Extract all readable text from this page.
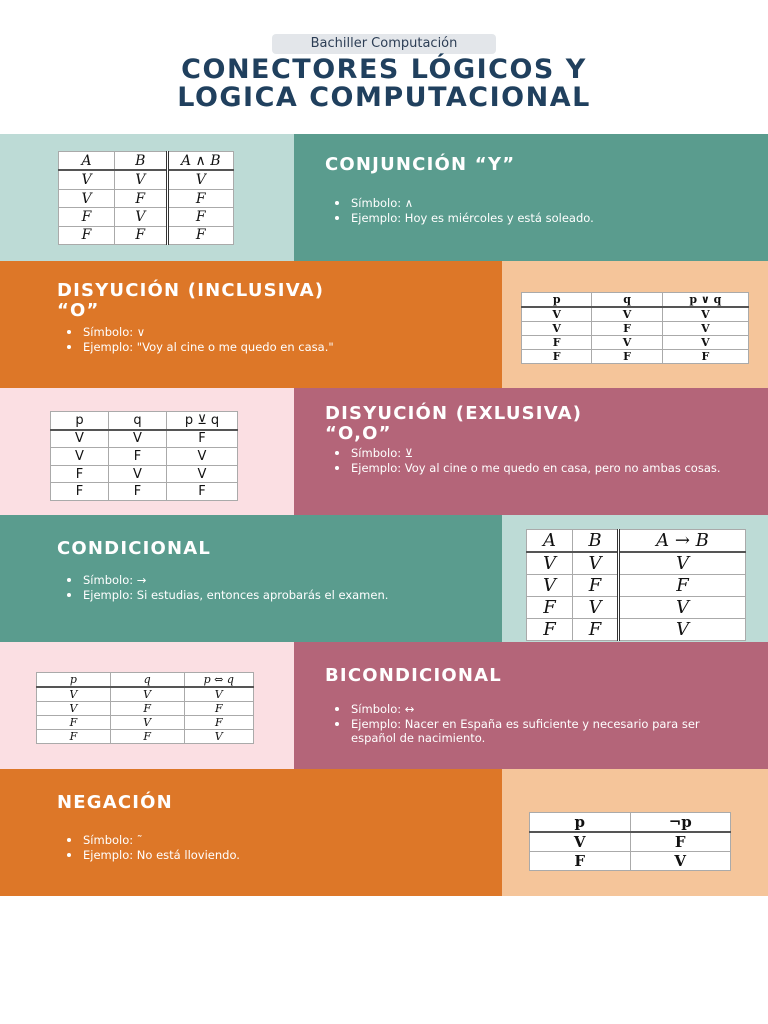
Bachiller Computación
CONECTORES LÓGICOS Y
LOGICA COMPUTACIONAL
A	B	A ∧ B
V	V	V
V	F	F
F	V	F
F	F	F
CONJUNCIÓN “Y”
Símbolo: ∧
Ejemplo: Hoy es miércoles y está soleado.
DISYUCIÓN (INCLUSIVA)
“O”
Símbolo: ∨
Ejemplo: "Voy al cine o me quedo en casa."
p	q	p ∨ q
V	V	V
V	F	V
F	V	V
F	F	F
p	q	p ⊻ q
V	V	F
V	F	V
F	V	V
F	F	F
DISYUCIÓN (EXLUSIVA)
“O,O”
Símbolo: ⊻
Ejemplo: Voy al cine o me quedo en casa, pero no ambas cosas.
CONDICIONAL
Símbolo: →
Ejemplo: Si estudias, entonces aprobarás el examen.
A	B	A → B
V	V	V
V	F	F
F	V	V
F	F	V
p	q	p ⇔ q
V	V	V
V	F	F
F	V	F
F	F	V
BICONDICIONAL
Símbolo: ↔
Ejemplo: Nacer en España es suficiente y necesario para ser español de nacimiento.
NEGACIÓN
Símbolo: ˜
Ejemplo: No está lloviendo.
p	¬p
V	F
F	V
